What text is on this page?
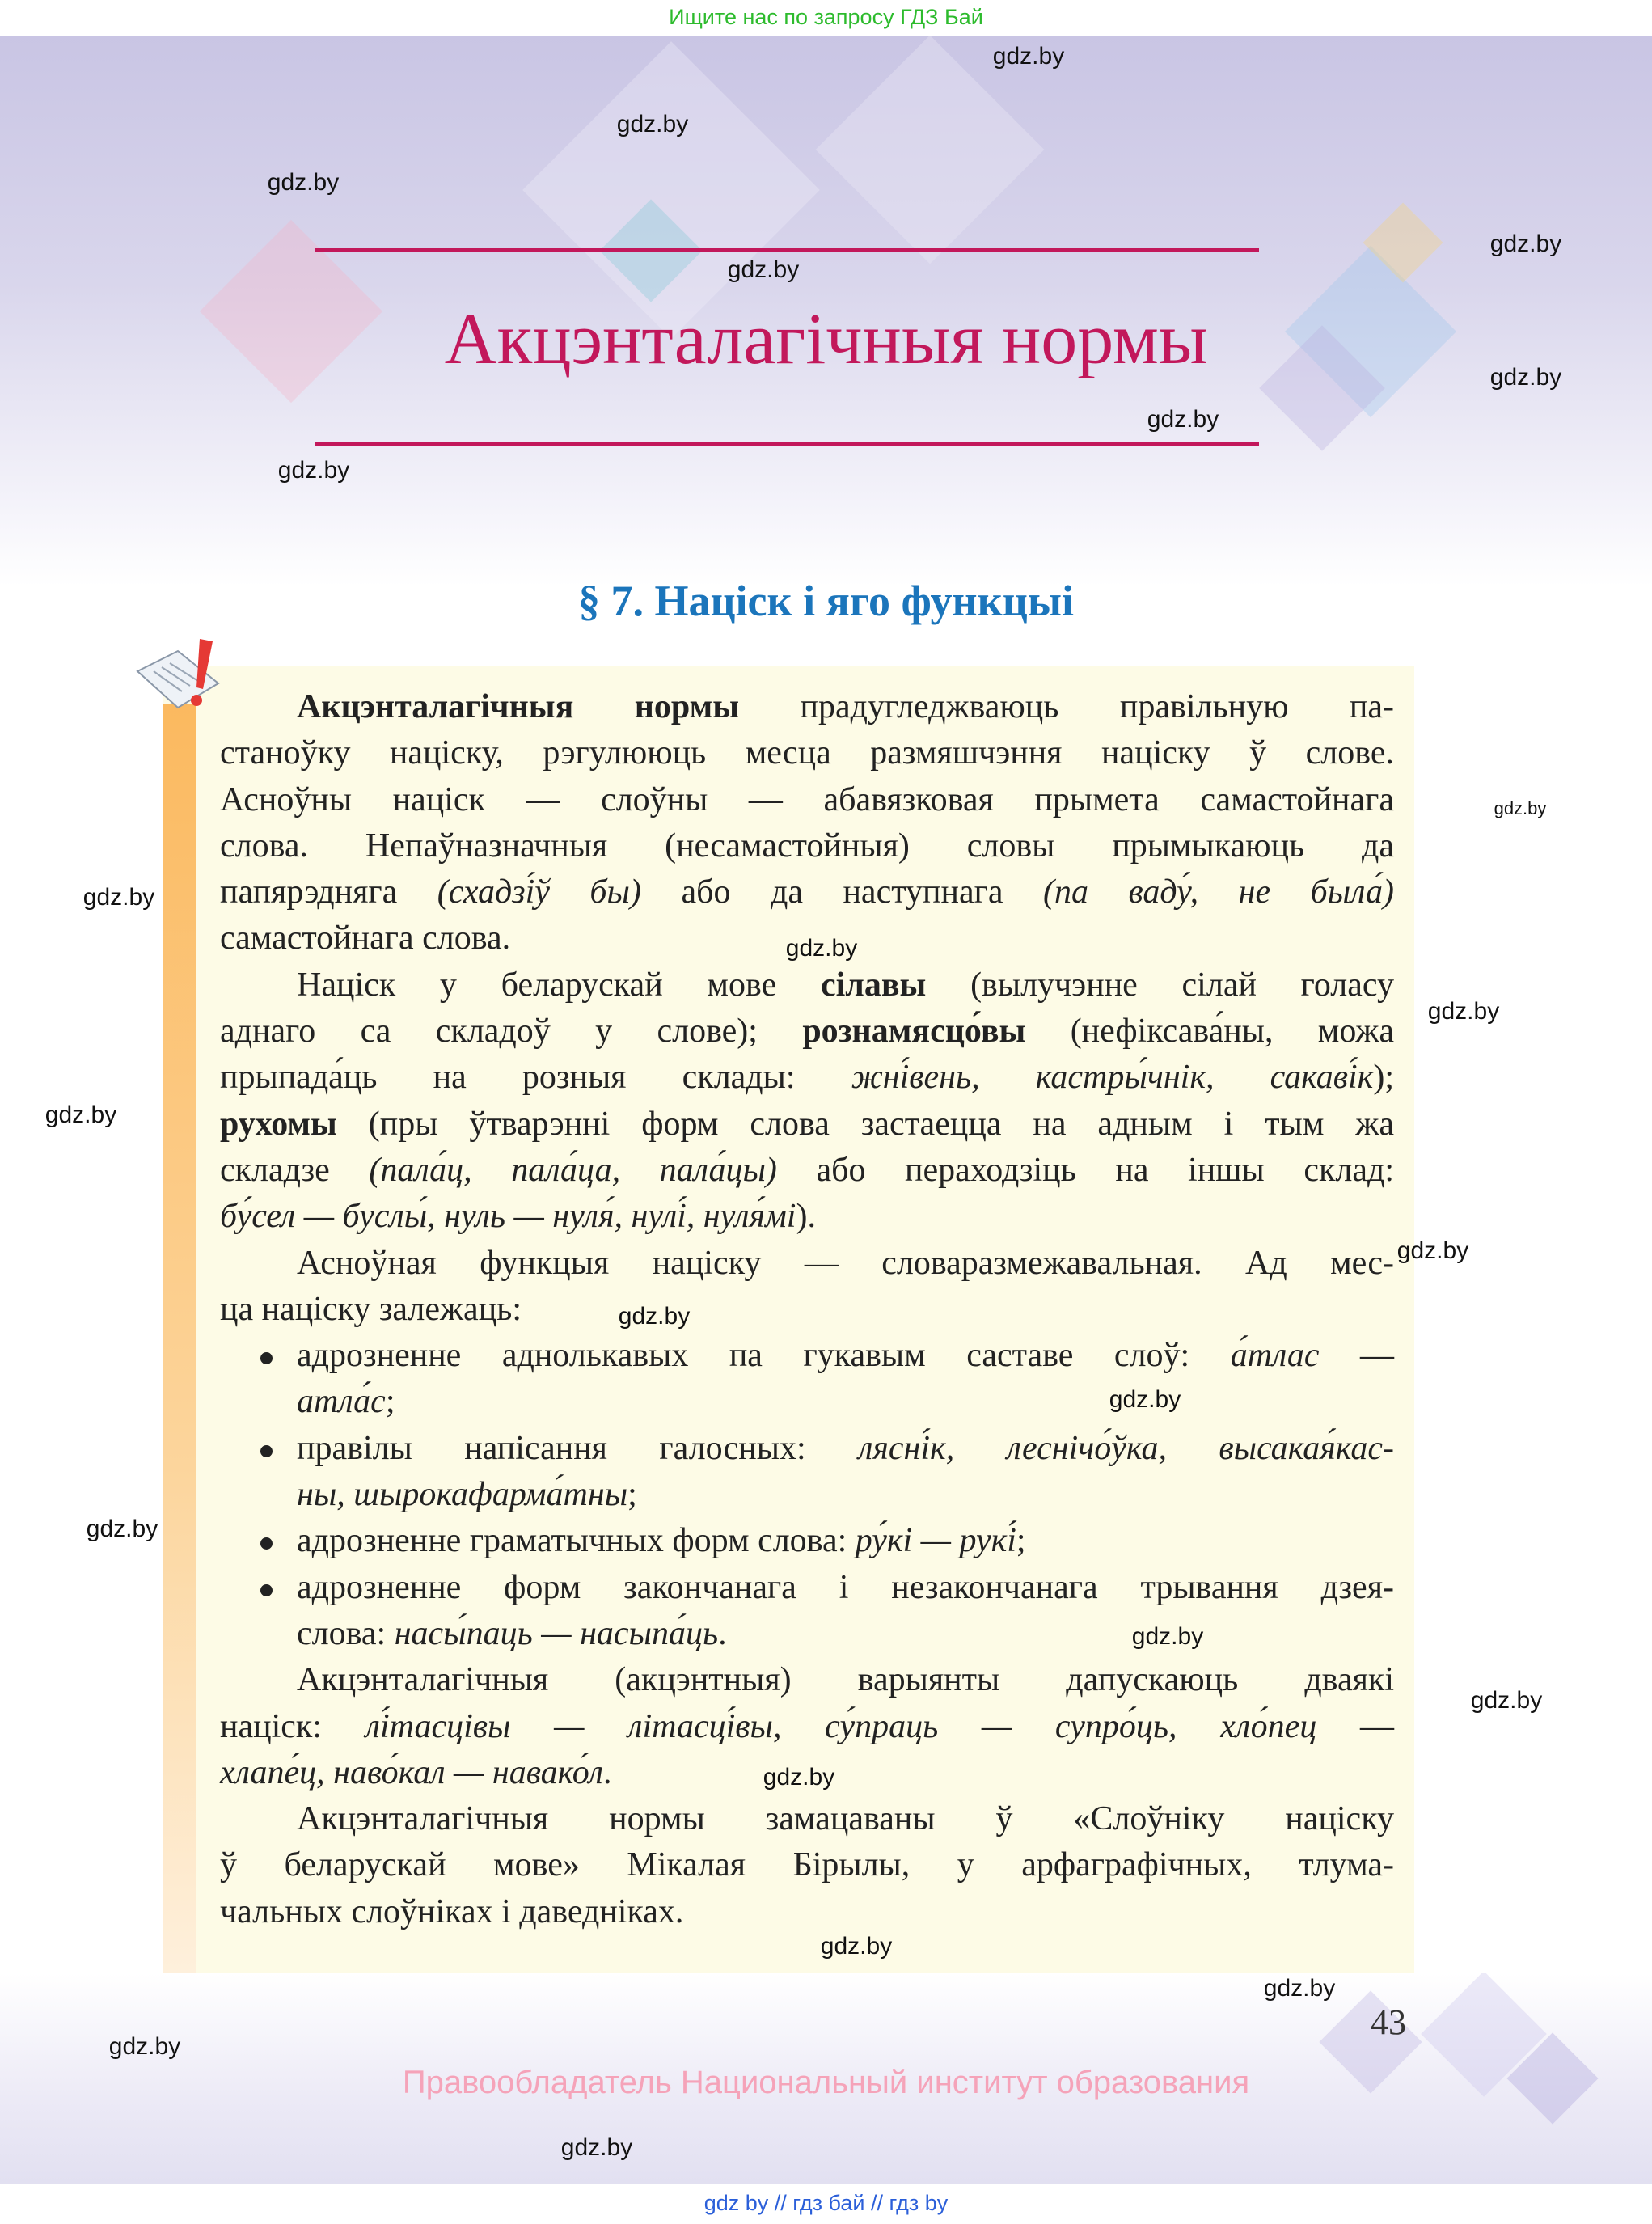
Ищите нас по запросу ГДЗ Бай
Акцэнталагічныя нормы
§ 7. Націск і яго функцыі
Акцэнталагічныя нормы прадугледжваюць правільную па-
станоўку націску, рэгулююць месца размяшчэння націску ў слове.
Асноўны націск — слоўны — абавязковая прымета самастойнага
слова. Непаўназначныя (несамастойныя) словы прымыкаюць да
папярэдняга (схадзі́ў бы) або да наступнага (па ваду́, не была́)
самастойнага слова.
Націск у беларускай мове сілавы (вылучэнне сілай голасу
аднаго са складоў у слове); рознамясцо́вы (нефіксава́ны, можа
прыпада́ць на розныя склады: жні́вень, кастры́чнік, сакаві́к);
рухомы (пры ўтварэнні форм слова застаецца на адным і тым жа
складзе (пала́ц, пала́ца, пала́цы) або пераходзіць на іншы склад:
бу́сел — буслы́, нуль — нуля́, нулі́, нуля́мі).
Асноўная функцыя націску — словаразмежавальная. Ад мес-
ца націску залежаць:
адрозненне аднолькавых па гукавым саставе слоў: а́тлас —
атла́с;
правілы напісання галосных: лясні́к, леснічо́ўка, высакая́кас-
ны, шырокафарма́тны;
адрозненне граматычных форм слова: ру́кі — рукі́;
адрозненне форм закончанага і незакончанага трывання дзея-
слова: насы́паць — насыпа́ць.
Акцэнталагічныя (акцэнтныя) варыянты дапускаюць дваякі
націск: лі́тасцівы — літасці́вы, су́праць — супро́ць, хло́пец —
хлапе́ц, наво́кал — навако́л.
Акцэнталагічныя нормы замацаваны ў «Слоўніку націску
ў беларускай мове» Мікалая Бірылы, у арфаграфічных, тлума-
чальных слоўніках і даведніках.
43
Правообладатель Национальный институт образования
gdz by // гдз бай // гдз by
gdz.by
gdz.by
gdz.by
gdz.by
gdz.by
gdz.by
gdz.by
gdz.by
gdz.by
gdz.by
gdz.by
gdz.by
gdz.by
gdz.by
gdz.by
gdz.by
gdz.by
gdz.by
gdz.by
gdz.by
gdz.by
gdz.by
gdz.by
gdz.by
